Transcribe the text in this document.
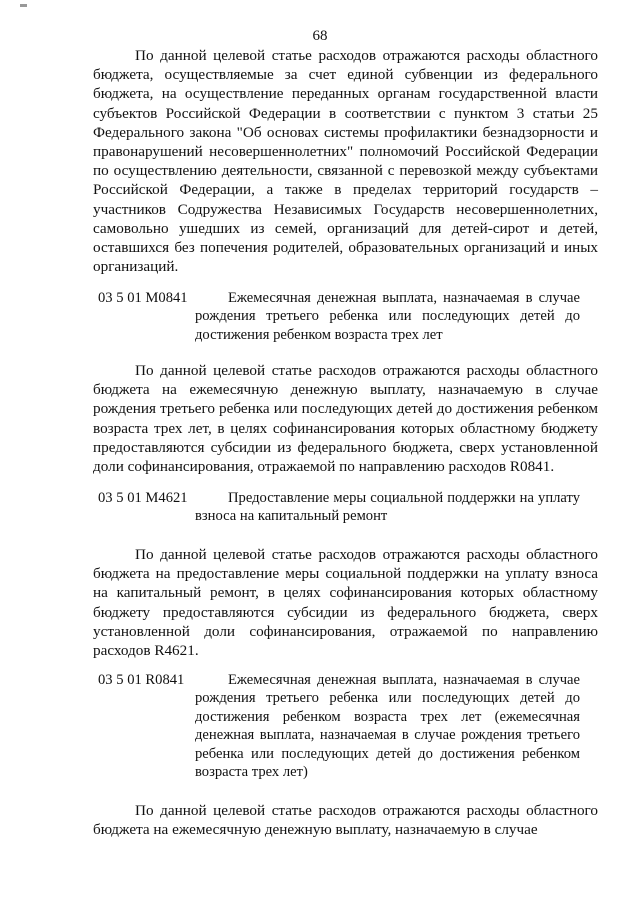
68

По данной целевой статье расходов отражаются расходы областного бюджета, осуществляемые за счет единой субвенции из федерального бюджета, на осуществление переданных органам государственной власти субъектов Российской Федерации в соответствии с пунктом 3 статьи 25 Федерального закона "Об основах системы профилактики безнадзорности и правонарушений несовершеннолетних" полномочий Российской Федерации по осуществлению деятельности, связанной с перевозкой между субъектами Российской Федерации, а также в пределах территорий государств – участников Содружества Независимых Государств несовершеннолетних, самовольно ушедших из семей, организаций для детей-сирот и детей, оставшихся без попечения родителей, образовательных организаций и иных организаций.

03 5 01 M0841	Ежемесячная денежная выплата, назначаемая в случае рождения третьего ребенка или последующих детей до достижения ребенком возраста трех лет

По данной целевой статье расходов отражаются расходы областного бюджета на ежемесячную денежную выплату, назначаемую в случае рождения третьего ребенка или последующих детей до достижения ребенком возраста трех лет, в целях софинансирования которых областному бюджету предоставляются субсидии из федерального бюджета, сверх установленной доли софинансирования, отражаемой по направлению расходов R0841.

03 5 01 M4621	Предоставление меры социальной поддержки на уплату взноса на капитальный ремонт

По данной целевой статье расходов отражаются расходы областного бюджета на предоставление меры социальной поддержки на уплату взноса на капитальный ремонт, в целях софинансирования которых областному бюджету предоставляются субсидии из федерального бюджета, сверх установленной доли софинансирования, отражаемой по направлению расходов R4621.

03 5 01 R0841	Ежемесячная денежная выплата, назначаемая в случае рождения третьего ребенка или последующих детей до достижения ребенком возраста трех лет (ежемесячная денежная выплата, назначаемая в случае рождения третьего ребенка или последующих детей до достижения ребенком возраста трех лет)

По данной целевой статье расходов отражаются расходы областного бюджета на ежемесячную денежную выплату, назначаемую в случае
